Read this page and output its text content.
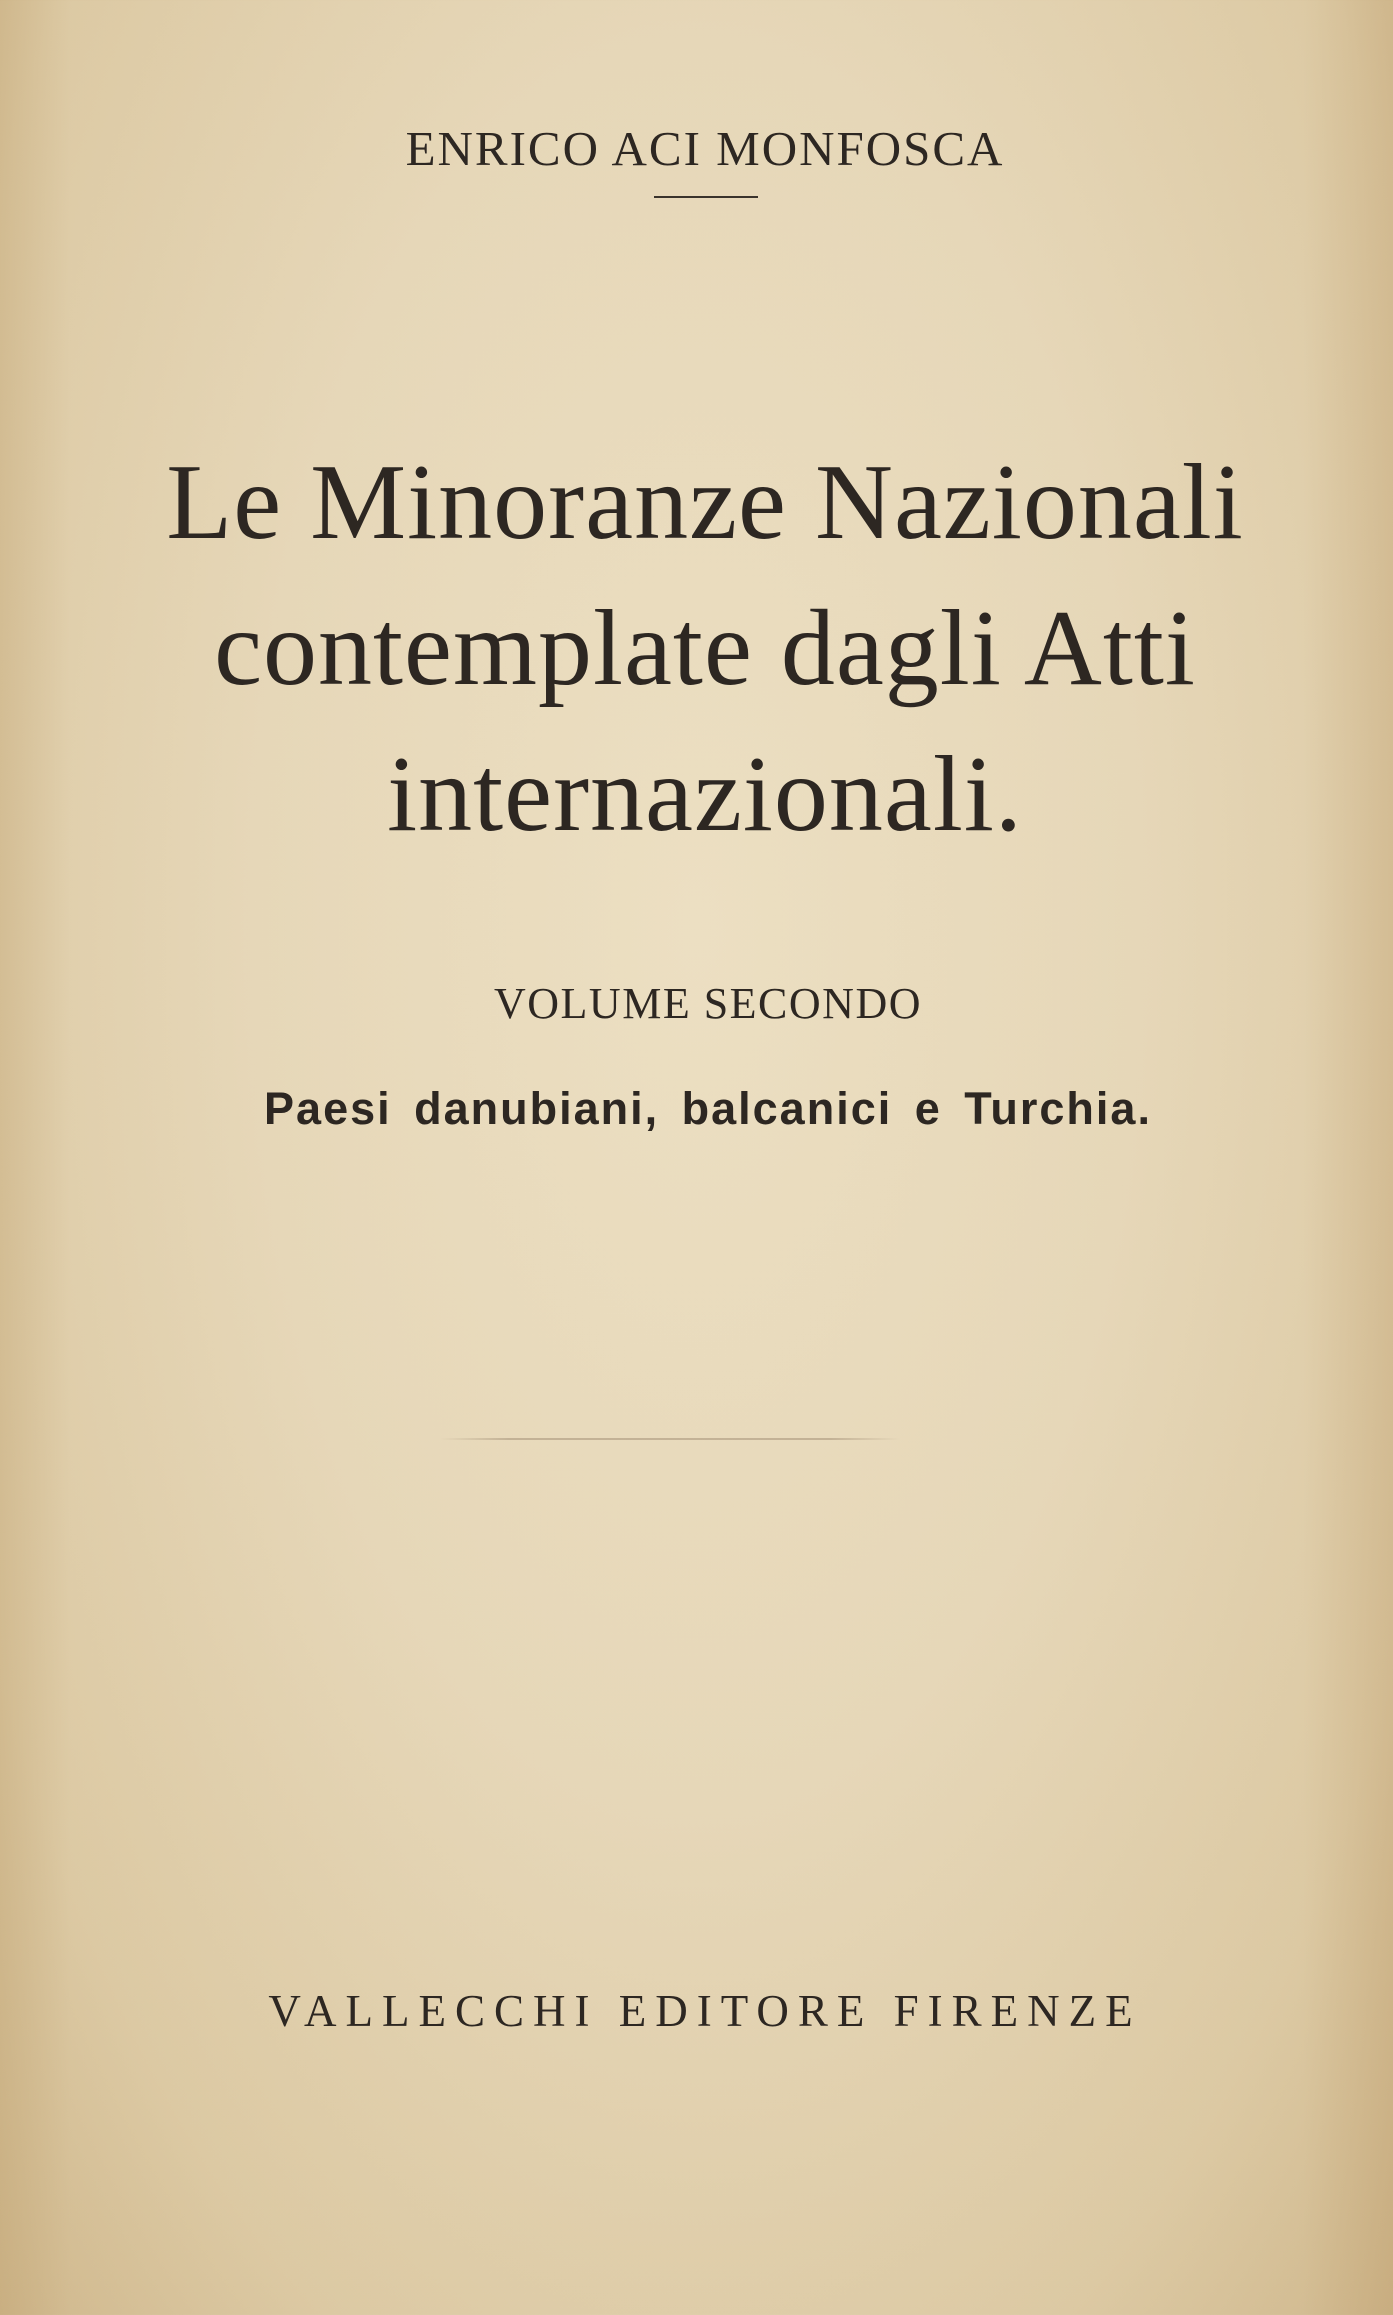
ENRICO ACI MONFOSCA
Le Minoranze Nazionali
contemplate dagli Atti
internazionali.
VOLUME SECONDO
Paesi danubiani, balcanici e Turchia.
VALLECCHI EDITORE FIRENZE
